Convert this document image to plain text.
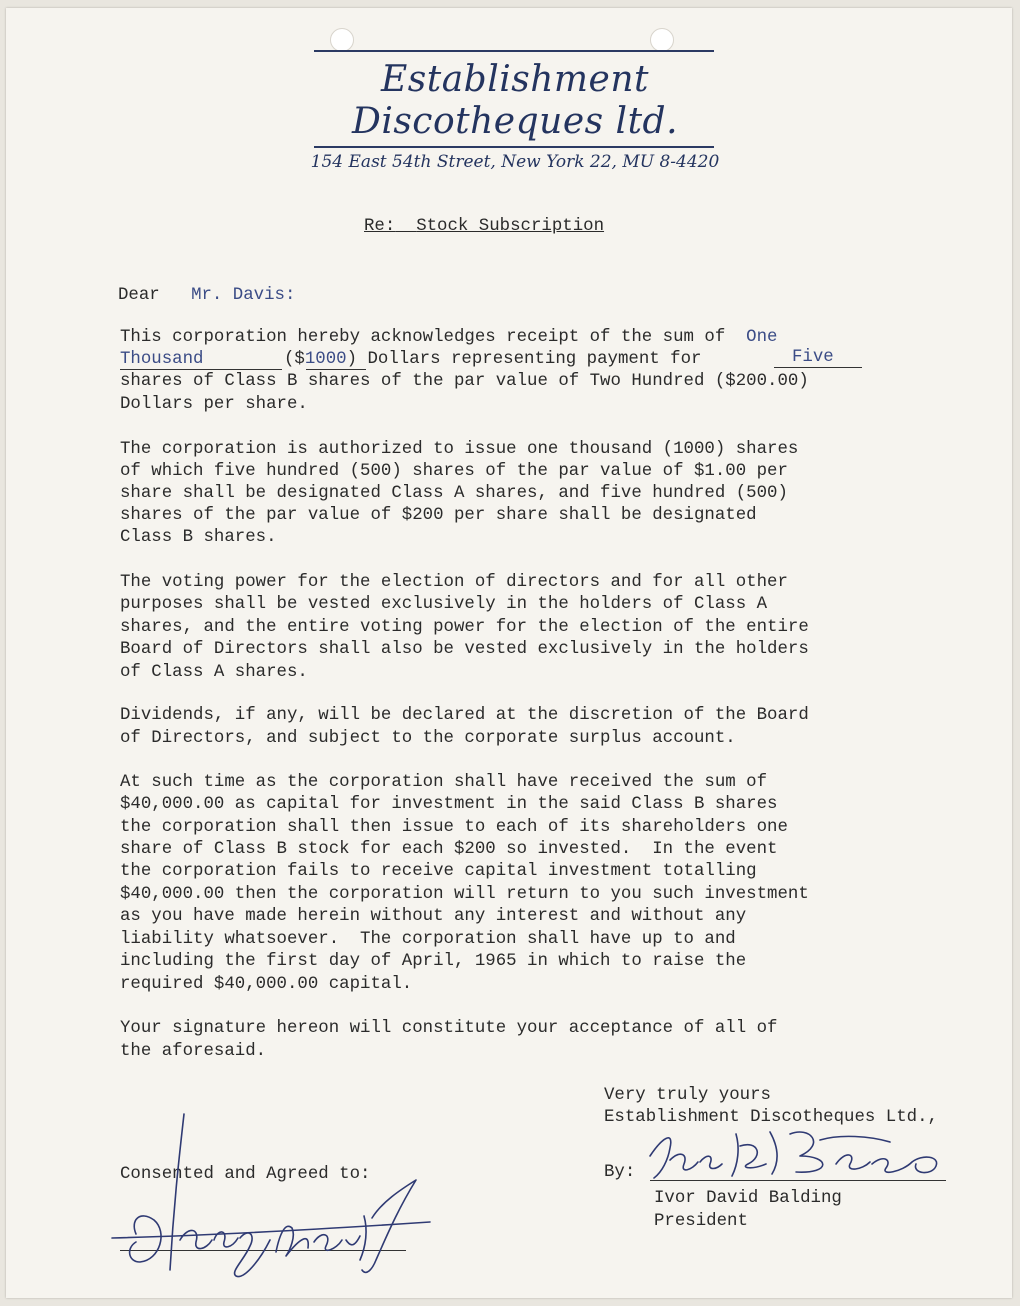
Establishment
Discotheques ltd.
154 East 54th Street, New York 22, MU 8-4420
Re: Stock Subscription
Dear Mr. Davis:
This corporation hereby acknowledges receipt of the sum of One
Thousand	($1000) Dollars representing payment for	Five
shares of Class B shares of the par value of Two Hundred ($200.00)
Dollars per share.
The corporation is authorized to issue one thousand (1000) shares
of which five hundred (500) shares of the par value of $1.00 per
share shall be designated Class A shares, and five hundred (500)
shares of the par value of $200 per share shall be designated
Class B shares.
The voting power for the election of directors and for all other
purposes shall be vested exclusively in the holders of Class A
shares, and the entire voting power for the election of the entire
Board of Directors shall also be vested exclusively in the holders
of Class A shares.
Dividends, if any, will be declared at the discretion of the Board
of Directors, and subject to the corporate surplus account.
At such time as the corporation shall have received the sum of
$40,000.00 as capital for investment in the said Class B shares
the corporation shall then issue to each of its shareholders one
share of Class B stock for each $200 so invested.  In the event
the corporation fails to receive capital investment totalling
$40,000.00 then the corporation will return to you such investment
as you have made herein without any interest and without any
liability whatsoever.  The corporation shall have up to and
including the first day of April, 1965 in which to raise the
required $40,000.00 capital.
Your signature hereon will constitute your acceptance of all of
the aforesaid.
Very truly yours
Establishment Discotheques Ltd.,
By:
Ivor David Balding
President
Consented and Agreed to:
